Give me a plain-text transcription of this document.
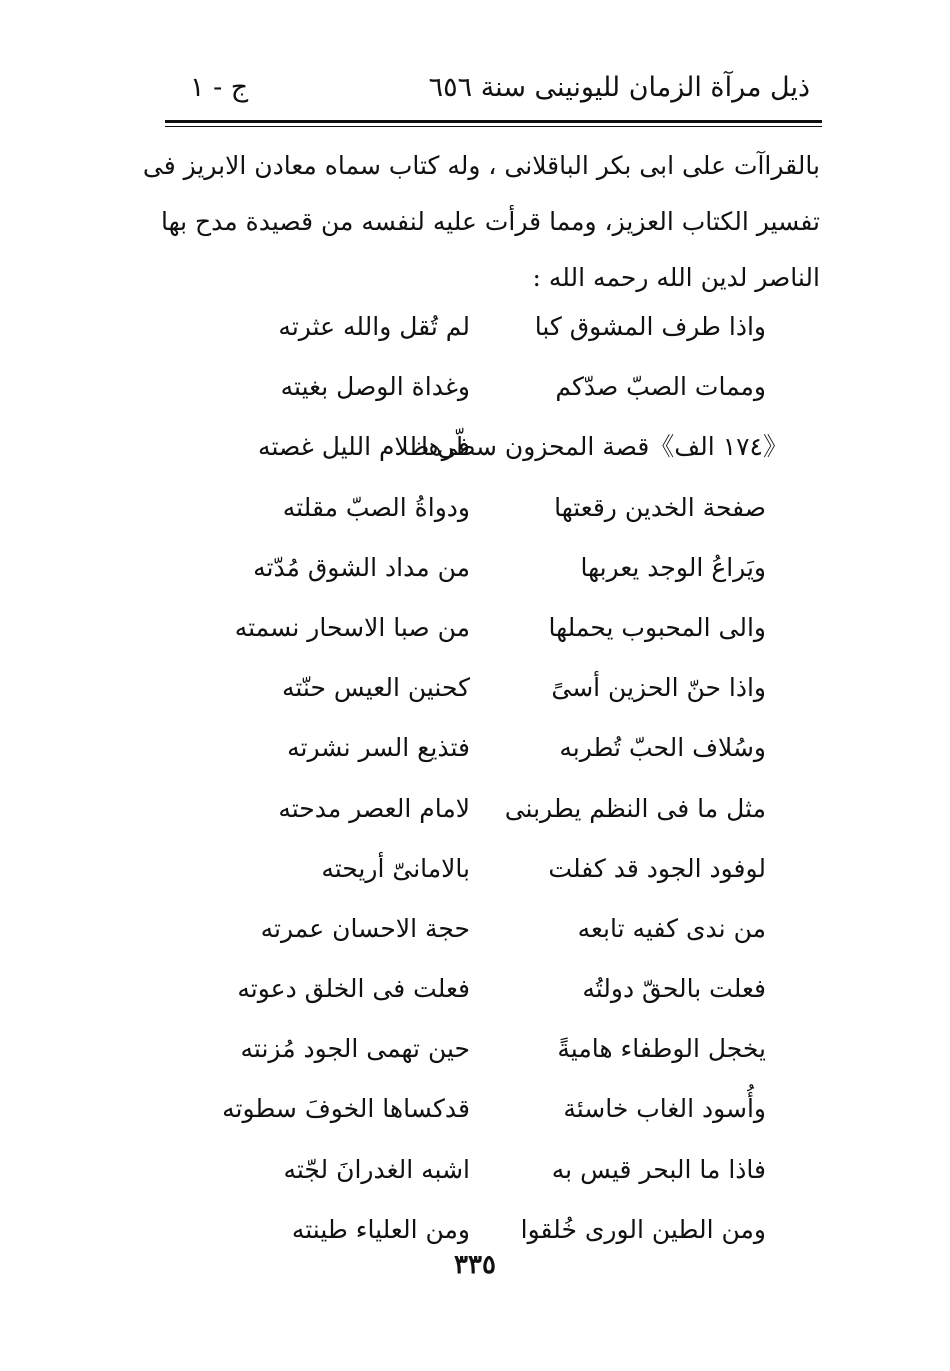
ذيل مرآة الزمان لليونينى سنة ٦٥٦
ج - ١
بالقراآت على ابى بكر الباقلانى ، وله كتاب سماه معادن الابريز فى
تفسير الكتاب العزيز، ومما قرأت عليه لنفسه من قصيدة مدح بها
الناصر لدين الله رحمه الله :
واذا طرف المشوق كبا
لم تُقل والله عثرته
وممات الصبّ صدّكم
وغداة الوصل بغيته
《١٧٤ الف》قصة المحزون سطّرها
فى ظلام الليل غصته
صفحة الخدين رقعتها
ودواةُ الصبّ مقلته
ويَراعُ الوجد يعربها
من مداد الشوق مُدّته
والى المحبوب يحملها
من صبا الاسحار نسمته
واذا حنّ الحزين أسىً
كحنين العيس حنّته
وسُلاف الحبّ تُطربه
فتذيع السر نشرته
مثل ما فى النظم يطربنى
لامام العصر مدحته
لوفود الجود قد كفلت
بالامانىّ أريحته
من ندى كفيه تابعه
حجة الاحسان عمرته
فعلت بالحقّ دولتُه
فعلت فى الخلق دعوته
يخجل الوطفاء هاميةً
حين تهمى الجود مُزنته
وأُسود الغاب خاسئة
قدكساها الخوفَ سطوته
فاذا ما البحر قيس به
اشبه الغدرانَ لجّته
ومن الطين الورى خُلقوا
ومن العلياء طينته
٣٣٥
